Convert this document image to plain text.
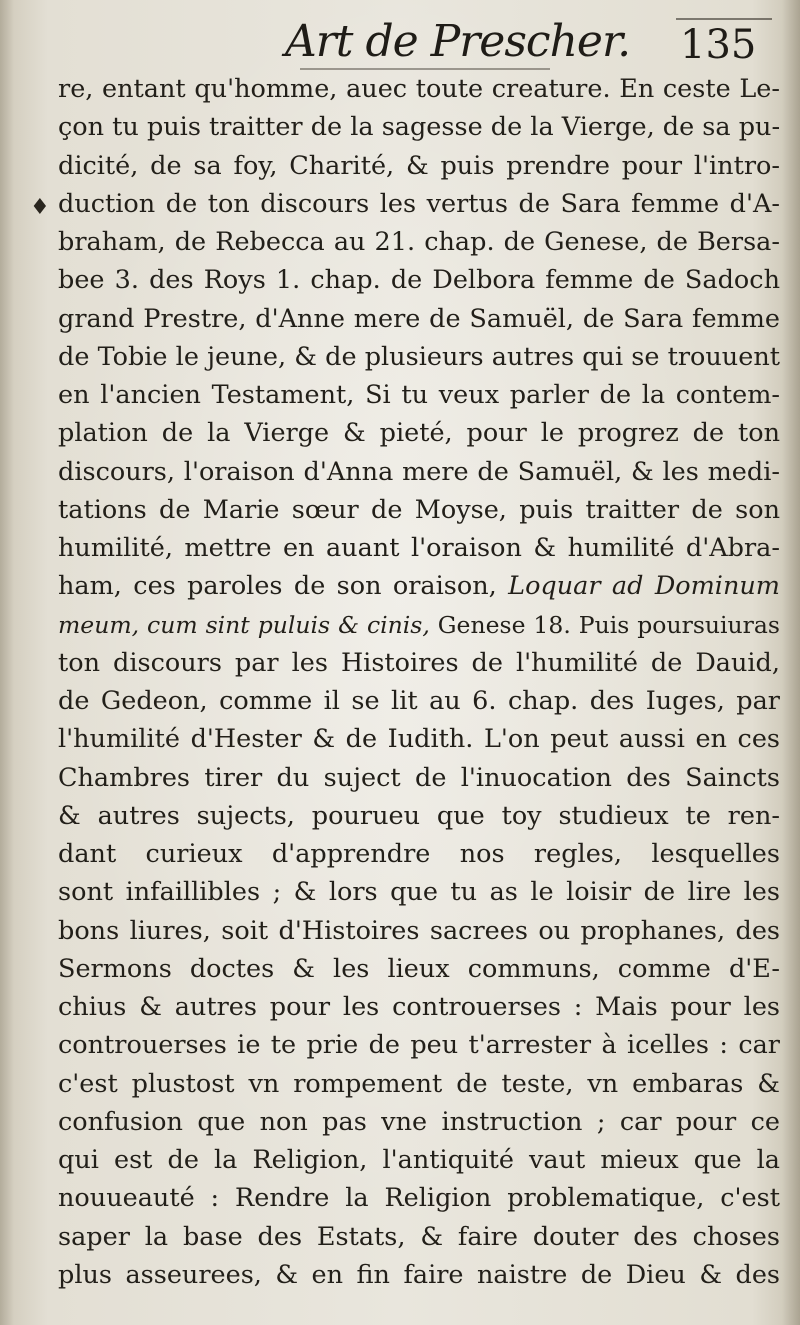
Art de Prescher. 135
♦
re, entant qu'homme, auec toute creature. En ceste Le-
çon tu puis traitter de la sagesse de la Vierge, de sa pu-
dicité, de sa foy, Charité, & puis prendre pour l'intro-
duction de ton discours les vertus de Sara femme d'A-
braham, de Rebecca au 21. chap. de Genese, de Bersa-
bee 3. des Roys 1. chap. de Delbora femme de Sadoch
grand Prestre, d'Anne mere de Samuël, de Sara femme
de Tobie le jeune, & de plusieurs autres qui se trouuent
en l'ancien Testament, Si tu veux parler de la contem-
plation de la Vierge & pieté, pour le progrez de ton
discours, l'oraison d'Anna mere de Samuël, & les medi-
tations de Marie sœur de Moyse, puis traitter de son
humilité, mettre en auant l'oraison & humilité d'Abra-
ham, ces paroles de son oraison, Loquar ad Dominum
meum, cum sint puluis & cinis, Genese 18. Puis poursuiuras
ton discours par les Histoires de l'humilité de Dauid,
de Gedeon, comme il se lit au 6. chap. des Iuges, par
l'humilité d'Hester & de Iudith. L'on peut aussi en ces
Chambres tirer du suject de l'inuocation des Saincts
& autres sujects, pourueu que toy studieux te ren-
dant curieux d'apprendre nos regles, lesquelles
sont infaillibles ; & lors que tu as le loisir de lire les
bons liures, soit d'Histoires sacrees ou prophanes, des
Sermons doctes & les lieux communs, comme d'E-
chius & autres pour les controuerses : Mais pour les
controuerses ie te prie de peu t'arrester à icelles : car
c'est plustost vn rompement de teste, vn embaras &
confusion que non pas vne instruction ; car pour ce
qui est de la Religion, l'antiquité vaut mieux que la
nouueauté : Rendre la Religion problematique, c'est
saper la base des Estats, & faire douter des choses
plus asseurees, & en fin faire naistre de Dieu & des
